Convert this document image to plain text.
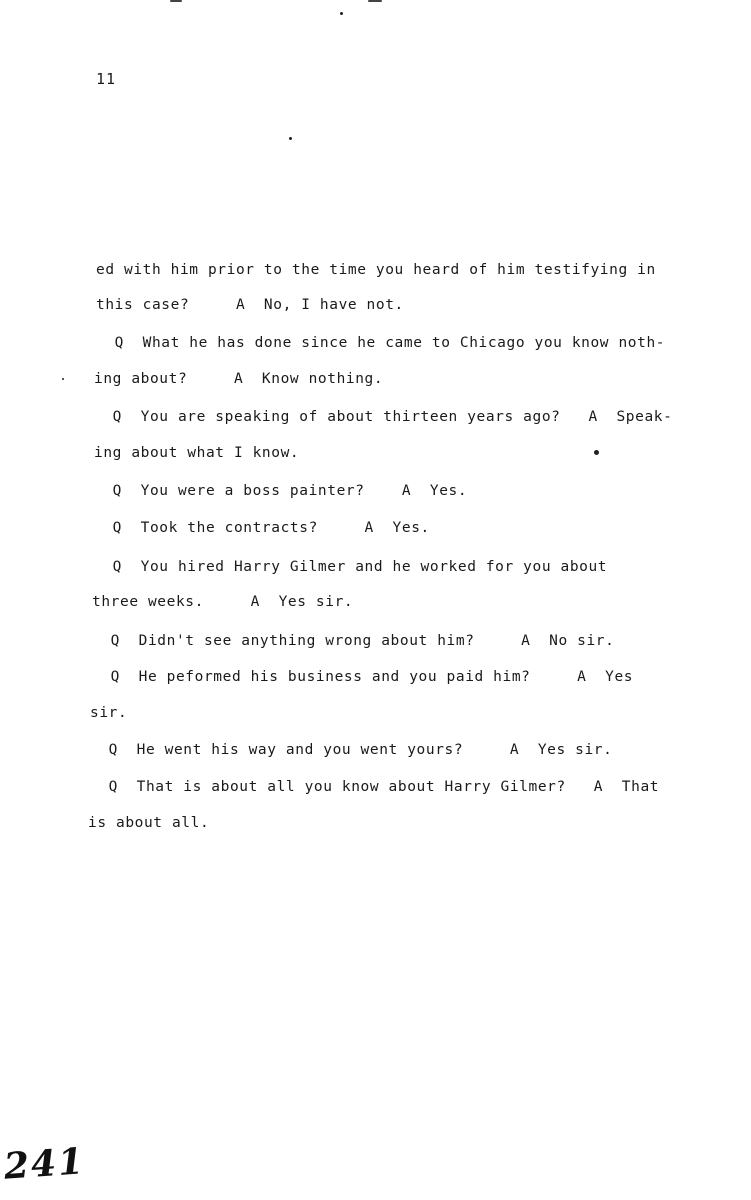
11
ed with him prior to the time you heard of him testifying in
this case?     A  No, I have not.
Q  What he has done since he came to Chicago you know noth-
ing about?     A  Know nothing.
Q  You are speaking of about thirteen years ago?   A  Speak-
ing about what I know.
Q  You were a boss painter?    A  Yes.
Q  Took the contracts?     A  Yes.
Q  You hired Harry Gilmer and he worked for you about
three weeks.     A  Yes sir.
Q  Didn't see anything wrong about him?     A  No sir.
Q  He peformed his business and you paid him?     A  Yes
sir.
Q  He went his way and you went yours?     A  Yes sir.
Q  That is about all you know about Harry Gilmer?   A  That
is about all.
241
